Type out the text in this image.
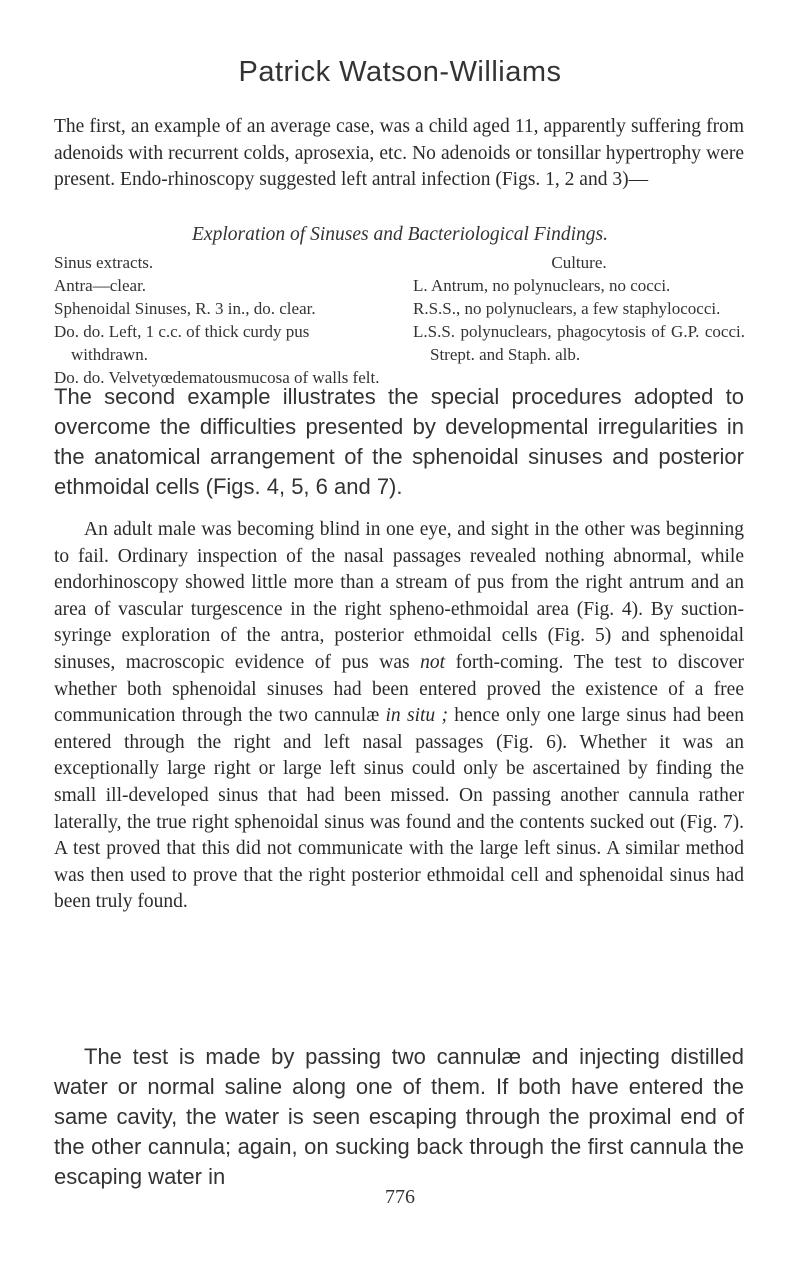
Patrick Watson-Williams

The first, an example of an average case, was a child aged 11, apparently suffering from adenoids with recurrent colds, aprosexia, etc. No adenoids or tonsillar hypertrophy were present. Endo-rhinoscopy suggested left antral infection (Figs. 1, 2 and 3)—

Exploration of Sinuses and Bacteriological Findings.
Sinus extracts.
Antra—clear.
Sphenoidal Sinuses, R. 3 in., do. clear.
Do. do. Left, 1 c.c. of thick curdy pus withdrawn.
Do. do. Velvetyœdematousmucosa of walls felt.
Culture.
L. Antrum, no polynuclears, no cocci.
R.S.S., no polynuclears, a few staphylococci.
L.S.S. polynuclears, phagocytosis of G.P. cocci. Strept. and Staph. alb.

The second example illustrates the special procedures adopted to overcome the difficulties presented by developmental irregularities in the anatomical arrangement of the sphenoidal sinuses and posterior ethmoidal cells (Figs. 4, 5, 6 and 7).

An adult male was becoming blind in one eye, and sight in the other was beginning to fail. Ordinary inspection of the nasal passages revealed nothing abnormal, while endorhinoscopy showed little more than a stream of pus from the right antrum and an area of vascular turgescence in the right spheno-ethmoidal area (Fig. 4). By suction-syringe exploration of the antra, posterior ethmoidal cells (Fig. 5) and sphenoidal sinuses, macroscopic evidence of pus was not forth-coming. The test to discover whether both sphenoidal sinuses had been entered proved the existence of a free communication through the two cannulæ in situ ; hence only one large sinus had been entered through the right and left nasal passages (Fig. 6). Whether it was an exceptionally large right or large left sinus could only be ascertained by finding the small ill-developed sinus that had been missed. On passing another cannula rather laterally, the true right sphenoidal sinus was found and the contents sucked out (Fig. 7). A test proved that this did not communicate with the large left sinus. A similar method was then used to prove that the right posterior ethmoidal cell and sphenoidal sinus had been truly found.

The test is made by passing two cannulæ and injecting distilled water or normal saline along one of them. If both have entered the same cavity, the water is seen escaping through the proximal end of the other cannula; again, on sucking back through the first cannula the escaping water in

776
